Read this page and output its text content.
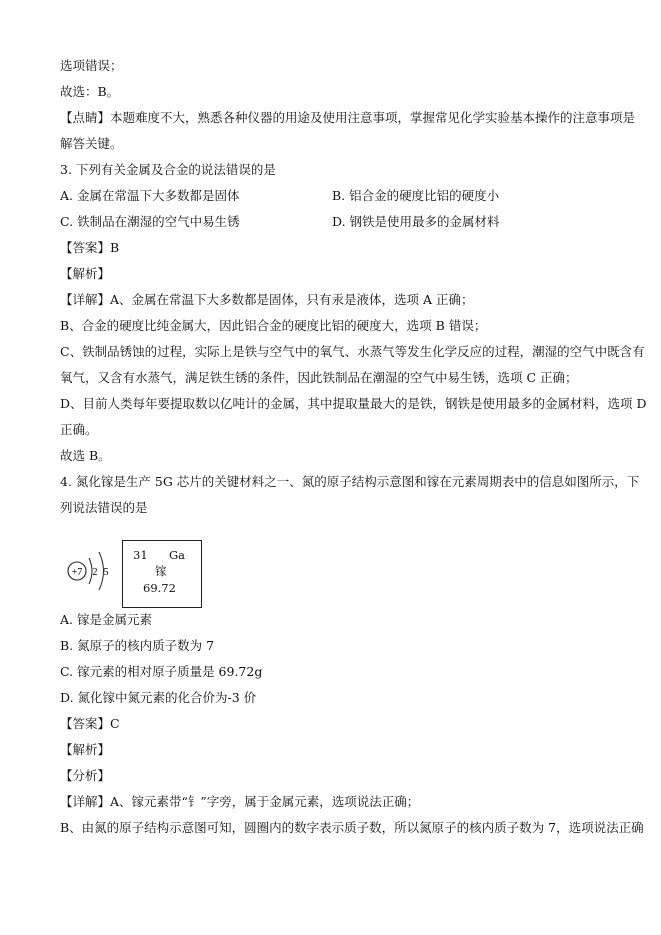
选项错误；
故选：B。
【点睛】本题难度不大，熟悉各种仪器的用途及使用注意事项，掌握常见化学实验基本操作的注意事项是
解答关键。
3. 下列有关金属及合金的说法错误的是
A. 金属在常温下大多数都是固体	B. 铝合金的硬度比铝的硬度小
C. 铁制品在潮湿的空气中易生锈	D. 钢铁是使用最多的金属材料
【答案】B
【解析】
【详解】A、金属在常温下大多数都是固体，只有汞是液体，选项 A 正确；
B、合金的硬度比纯金属大，因此铝合金的硬度比铝的硬度大，选项 B 错误；
C、铁制品锈蚀的过程，实际上是铁与空气中的氧气、水蒸气等发生化学反应的过程，潮湿的空气中既含有
氧气，又含有水蒸气，满足铁生锈的条件，因此铁制品在潮湿的空气中易生锈，选项 C 正确；
D、目前人类每年要提取数以亿吨计的金属，其中提取量最大的是铁，钢铁是使用最多的金属材料，选项 D
正确。
故选 B。
4. 氮化镓是生产 5G 芯片的关键材料之一、氮的原子结构示意图和镓在元素周期表中的信息如图所示，下
列说法错误的是
+7 2 5
31 Ga
镓
69.72
A. 镓是金属元素
B. 氮原子的核内质子数为 7
C. 镓元素的相对原子质量是 69.72g
D. 氮化镓中氮元素的化合价为-3 价
【答案】C
【解析】
【分析】
【详解】A、镓元素带“钅”字旁，属于金属元素，选项说法正确；
B、由氮的原子结构示意图可知，圆圈内的数字表示质子数，所以氮原子的核内质子数为 7，选项说法正确
